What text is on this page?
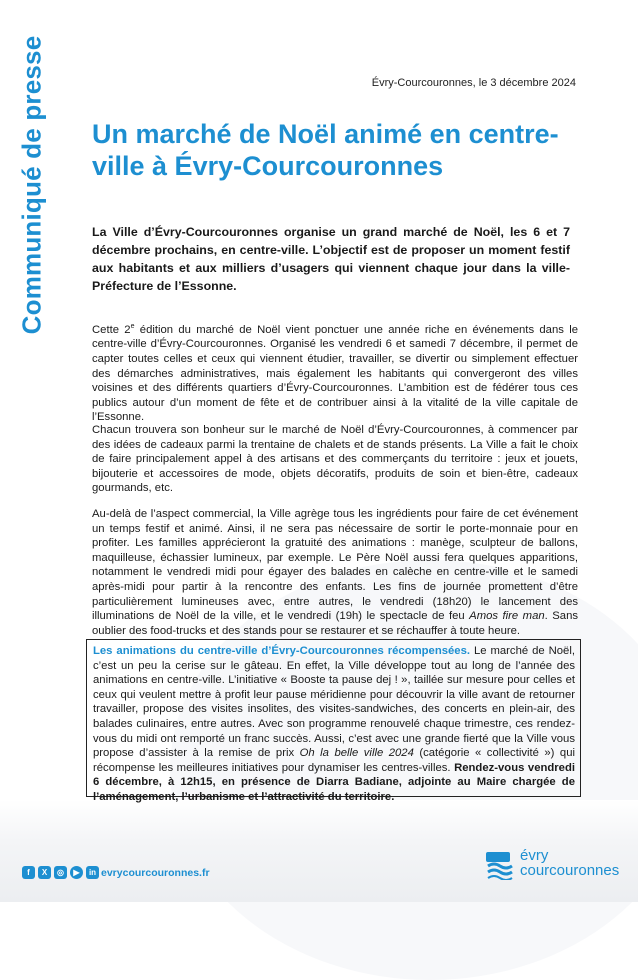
Communiqué de presse	Évry-Courcouronnes, le 3 décembre 2024
Un marché de Noël animé en centre-ville à Évry-Courcouronnes

La Ville d’Évry-Courcouronnes organise un grand marché de Noël, les 6 et 7 décembre prochains, en centre-ville. L’objectif est de proposer un moment festif aux habitants et aux milliers d’usagers qui viennent chaque jour dans la ville-Préfecture de l’Essonne.

Cette 2e édition du marché de Noël vient ponctuer une année riche en événements dans le centre-ville d’Évry-Courcouronnes. Organisé les vendredi 6 et samedi 7 décembre, il permet de capter toutes celles et ceux qui viennent étudier, travailler, se divertir ou simplement effectuer des démarches administratives, mais également les habitants qui convergeront des villes voisines et des différents quartiers d’Évry-Courcouronnes. L’ambition est de fédérer tous ces publics autour d’un moment de fête et de contribuer ainsi à la vitalité de la ville capitale de l’Essonne.

Chacun trouvera son bonheur sur le marché de Noël d’Évry-Courcouronnes, à commencer par des idées de cadeaux parmi la trentaine de chalets et de stands présents. La Ville a fait le choix de faire principalement appel à des artisans et des commerçants du territoire : jeux et jouets, bijouterie et accessoires de mode, objets décoratifs, produits de soin et bien-être, cadeaux gourmands, etc.

Au-delà de l’aspect commercial, la Ville agrège tous les ingrédients pour faire de cet événement un temps festif et animé. Ainsi, il ne sera pas nécessaire de sortir le porte-monnaie pour en profiter. Les familles apprécieront la gratuité des animations : manège, sculpteur de ballons, maquilleuse, échassier lumineux, par exemple. Le Père Noël aussi fera quelques apparitions, notamment le vendredi midi pour égayer des balades en calèche en centre-ville et le samedi après-midi pour partir à la rencontre des enfants. Les fins de journée promettent d’être particulièrement lumineuses avec, entre autres, le vendredi (18h20) le lancement des illuminations de Noël de la ville, et le vendredi (19h) le spectacle de feu Amos fire man. Sans oublier des food-trucks et des stands pour se restaurer et se réchauffer à toute heure.

Les animations du centre-ville d’Évry-Courcouronnes récompensées. Le marché de Noël, c’est un peu la cerise sur le gâteau. En effet, la Ville développe tout au long de l’année des animations en centre-ville. L’initiative « Booste ta pause dej ! », taillée sur mesure pour celles et ceux qui veulent mettre à profit leur pause méridienne pour découvrir la ville avant de retourner travailler, propose des visites insolites, des visites-sandwiches, des concerts en plein-air, des balades culinaires, entre autres. Avec son programme renouvelé chaque trimestre, ces rendez-vous du midi ont remporté un franc succès. Aussi, c’est avec une grande fierté que la Ville vous propose d’assister à la remise de prix Oh la belle ville 2024 (catégorie « collectivité ») qui récompense les meilleures initiatives pour dynamiser les centres-villes. Rendez-vous vendredi 6 décembre, à 12h15, en présence de Diarra Badiane, adjointe au Maire chargée de l’aménagement, l’urbanisme et l’attractivité du territoire.

f	X	◎	▶	in evrycourcouronnes.fr
évry
courcouronnes
